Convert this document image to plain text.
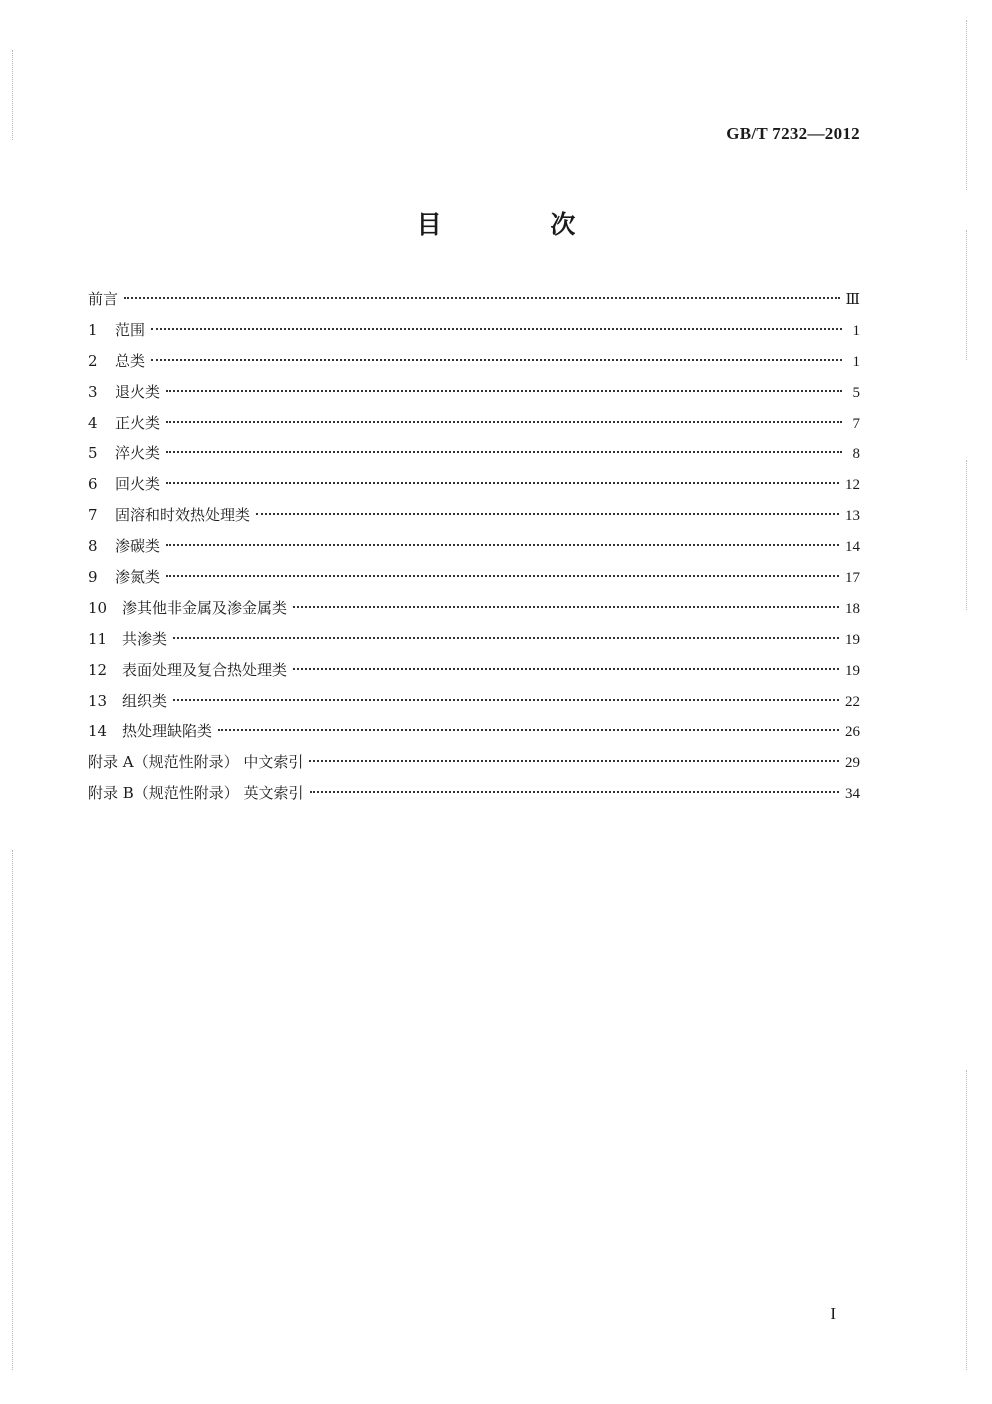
GB/T 7232—2012
目 次
前言	Ⅲ
1 范围	1
2 总类	1
3 退火类	5
4 正火类	7
5 淬火类	8
6 回火类	12
7 固溶和时效热处理类	13
8 渗碳类	14
9 渗氮类	17
10 渗其他非金属及渗金属类	18
11 共渗类	19
12 表面处理及复合热处理类	19
13 组织类	22
14 热处理缺陷类	26
附录 A（规范性附录） 中文索引	29
附录 B（规范性附录） 英文索引	34
I
